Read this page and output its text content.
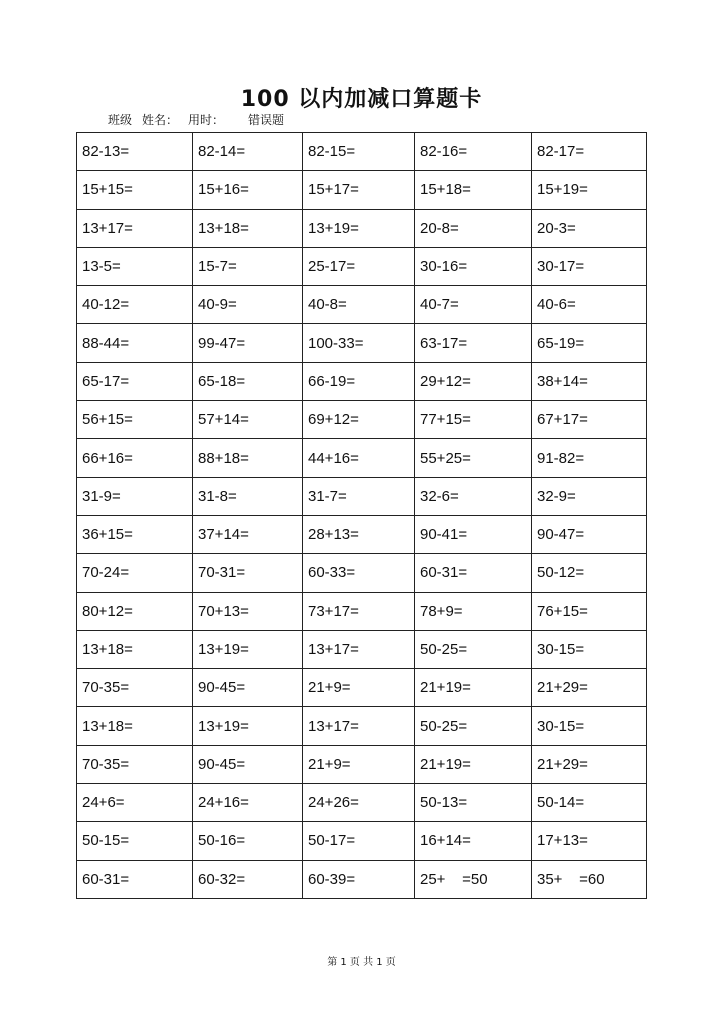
100 以内加减口算题卡
班级 姓名： 用时： 错误题
82-13=	82-14=	82-15=	82-16=	82-17=
15+15=	15+16=	15+17=	15+18=	15+19=
13+17=	13+18=	13+19=	20-8=	20-3=
13-5=	15-7=	25-17=	30-16=	30-17=
40-12=	40-9=	40-8=	40-7=	40-6=
88-44=	99-47=	100-33=	63-17=	65-19=
65-17=	65-18=	66-19=	29+12=	38+14=
56+15=	57+14=	69+12=	77+15=	67+17=
66+16=	88+18=	44+16=	55+25=	91-82=
31-9=	31-8=	31-7=	32-6=	32-9=
36+15=	37+14=	28+13=	90-41=	90-47=
70-24=	70-31=	60-33=	60-31=	50-12=
80+12=	70+13=	73+17=	78+9=	76+15=
13+18=	13+19=	13+17=	50-25=	30-15=
70-35=	90-45=	21+9=	21+19=	21+29=
13+18=	13+19=	13+17=	50-25=	30-15=
70-35=	90-45=	21+9=	21+19=	21+29=
24+6=	24+16=	24+26=	50-13=	50-14=
50-15=	50-16=	50-17=	16+14=	17+13=
60-31=	60-32=	60-39=	25+    =50	35+    =60
第 1 页 共 1 页
